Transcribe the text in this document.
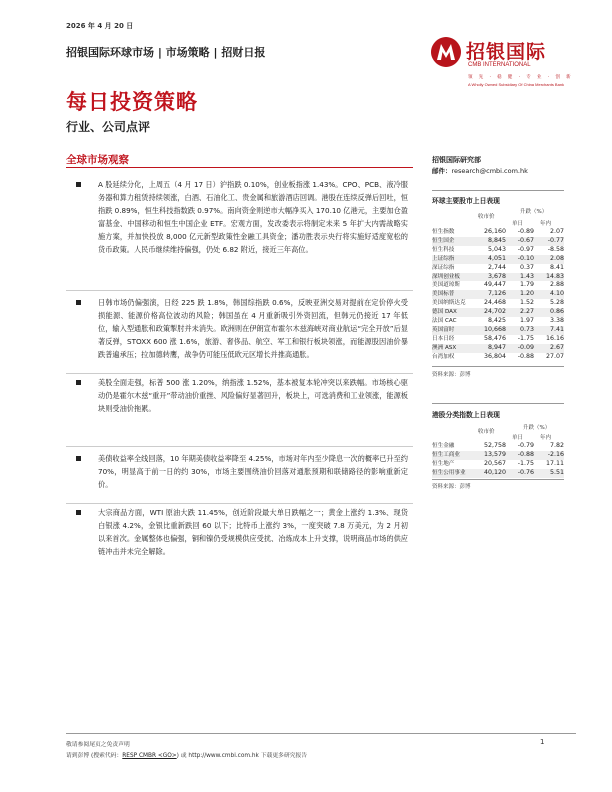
2026 年 4 月 20 日
招银国际环球市场 | 市场策略 | 招财日报	招银国际
CMB INTERNATIONAL
领 先 · 稳 健 · 专 业 · 创 新
A Wholly Owned Subsidiary Of China Merchants Bank
每日投资策略
行业、公司点评
全球市场观察
A 股延续分化，上周五（4 月 17 日）沪指跌 0.10%，创业板指涨 1.43%。CPO、PCB、液冷服务器和算力租赁持续领涨，白酒、石油化工、贵金属和旅游酒店回调。港股在连续反弹后回吐，恒指跌 0.89%，恒生科技指数跌 0.97%。南向资金则逆市大幅净买入 170.10 亿港元，主要加仓盈富基金、中国移动和恒生中国企业 ETF。宏观方面，发改委表示将制定未来 5 年扩大内需战略实施方案，并加快投放 8,000 亿元新型政策性金融工具资金；潘功胜表示央行将实施好适度宽松的货币政策。人民币继续维持偏强，仍处 6.82 附近，接近三年高位。
日韩市场仍偏强演，日经 225 跌 1.8%，韩国综指跌 0.6%，反映亚洲交易对提前在定价停火受损能源、能源价格高位波动的风险；韩国虽在 4 月重新吸引外资回流，但韩元仍接近 17 年低位，输入型通胀和政策掣肘并未消失。欧洲则在伊朗宣布霍尔木兹海峡对商业航运“完全开放”后显著反弹，STOXX 600 涨 1.6%，旅游、奢侈品、航空、军工和银行板块领涨，而能源股因油价暴跌普遍承压；拉加德转鹰，战争仍可能压低欧元区增长并推高通胀。
美股全面走强，标普 500 涨 1.20%，纳指涨 1.52%，基本被复本轮冲突以来跌幅。市场核心驱动仍是霍尔木兹“重开”带动油价重挫、风险偏好显著回升，板块上，可选消费和工业领涨，能源板块则受油价拖累。
美债收益率全线回落，10 年期美债收益率降至 4.25%，市场对年内至少降息一次的概率已升至约 70%，明显高于前一日的约 30%，市场主要围绕油价回落对通胀预期和联储路径的影响重新定价。
大宗商品方面，WTI 原油大跌 11.45%，创近阶段最大单日跌幅之一；黄金上涨约 1.3%、现货白银涨 4.2%，金银比重新跌回 60 以下；比特币上涨约 3%，一度突破 7.8 万美元，为 2 月初以来首次。金属整体也偏强，铜和镍仍受规模供应受扰、冶炼成本上升支撑，说明商品市场的供应链冲击并未完全解除。
招银国际研究部
邮件：research@cmbi.com.hk
环球主要股市上日表现
升跌（%）
收市价
单日	年内
恒生指数	26,160	-0.89	2.07
恒生国企	8,845	-0.67	-0.77
恒生科技	5,043	-0.97	-8.58
上证综指	4,051	-0.10	2.08
深证综指	2,744	0.37	8.41
深圳创业板	3,678	1.43	14.83
美国道琼斯	49,447	1.79	2.88
美国标普	7,126	1.20	4.10
美国纳斯达克	24,468	1.52	5.28
德国 DAX	24,702	2.27	0.86
法国 CAC	8,425	1.97	3.38
英国富时	10,668	0.73	7.41
日本日经	58,476	-1.75	16.16
澳洲 ASX	8,947	-0.09	2.67
台湾加权	36,804	-0.88	27.07
资料来源：彭博
港股分类指数上日表现
升跌（%）
收市价
单日	年内
恒生金融	52,758	-0.79	7.82
恒生工商业	13,579	-0.88	-2.16
恒生地产	20,567	-1.75	17.11
恒生公用事业	40,120	-0.76	5.51
资料来源：彭博
敬请参阅尾页之免责声明
请到彭博 (搜索代码：RESP CMBR <GO>) 或 http://www.cmbi.com.hk 下载更多研究报告
1
